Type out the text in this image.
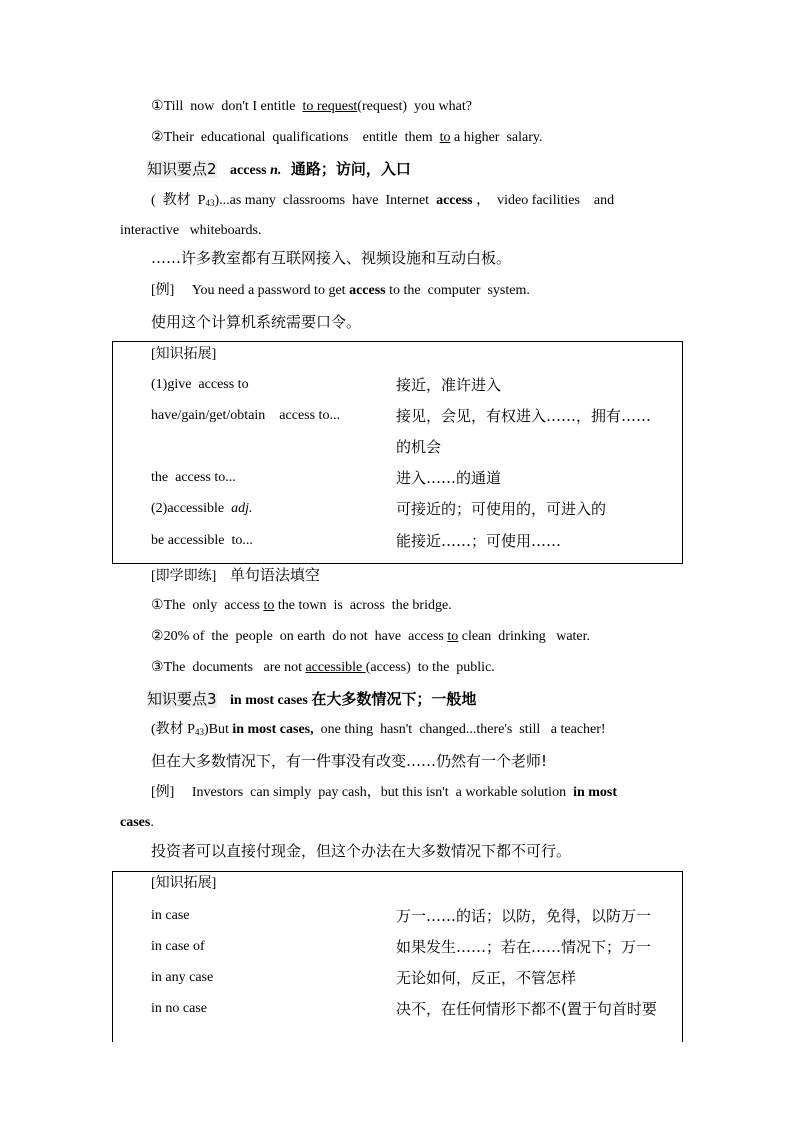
①Till  now  don't I entitle  to request(request)  you what?
②Their  educational  qualifications    entitle  them  to a higher  salary.
知识要点2 access n. 通路；访问，入口
(  教材  $P_{43})...as$ many  classrooms  have  Internet  access ，  video facilities    and
interactive   whiteboards.
……许多教室都有互联网接入、视频设施和互动白板。
[例] You need a password to get access to the  computer  system.
使用这个计算机系统需要口令。
[知识拓展]
(1)give  access to	接近，准许进入
have/gain/get/obtain    access to...	接见，会见，有权进入……，拥有……
的机会
the  access to...	进入……的通道
(2)accessible  adj.	可接近的；可使用的，可进入的
be accessible  to...	能接近……；可使用……
[即学即练] 单句语法填空
①The  only  access to the town  is  across  the bridge.
②20% of  the  people  on earth  do not  have  access to clean  drinking   water.
③The  documents   are not accessible (access)  to the  public.
知识要点3 in most cases 在大多数情况下；一般地
(教材 $P_{43})But$ in most cases,  one thing  hasn't  changed...there's  still   a teacher!
但在大多数情况下，有一件事没有改变……仍然有一个老师!
[例] Investors  can simply  pay cash，but this isn't  a workable solution  in most
cases.
投资者可以直接付现金，但这个办法在大多数情况下都不可行。
[知识拓展]
in case	万一……的话；以防，免得，以防万一
in case of	如果发生……；若在……情况下；万一
in any case	无论如何，反正，不管怎样
in no case	决不，在任何情形下都不(置于句首时要
